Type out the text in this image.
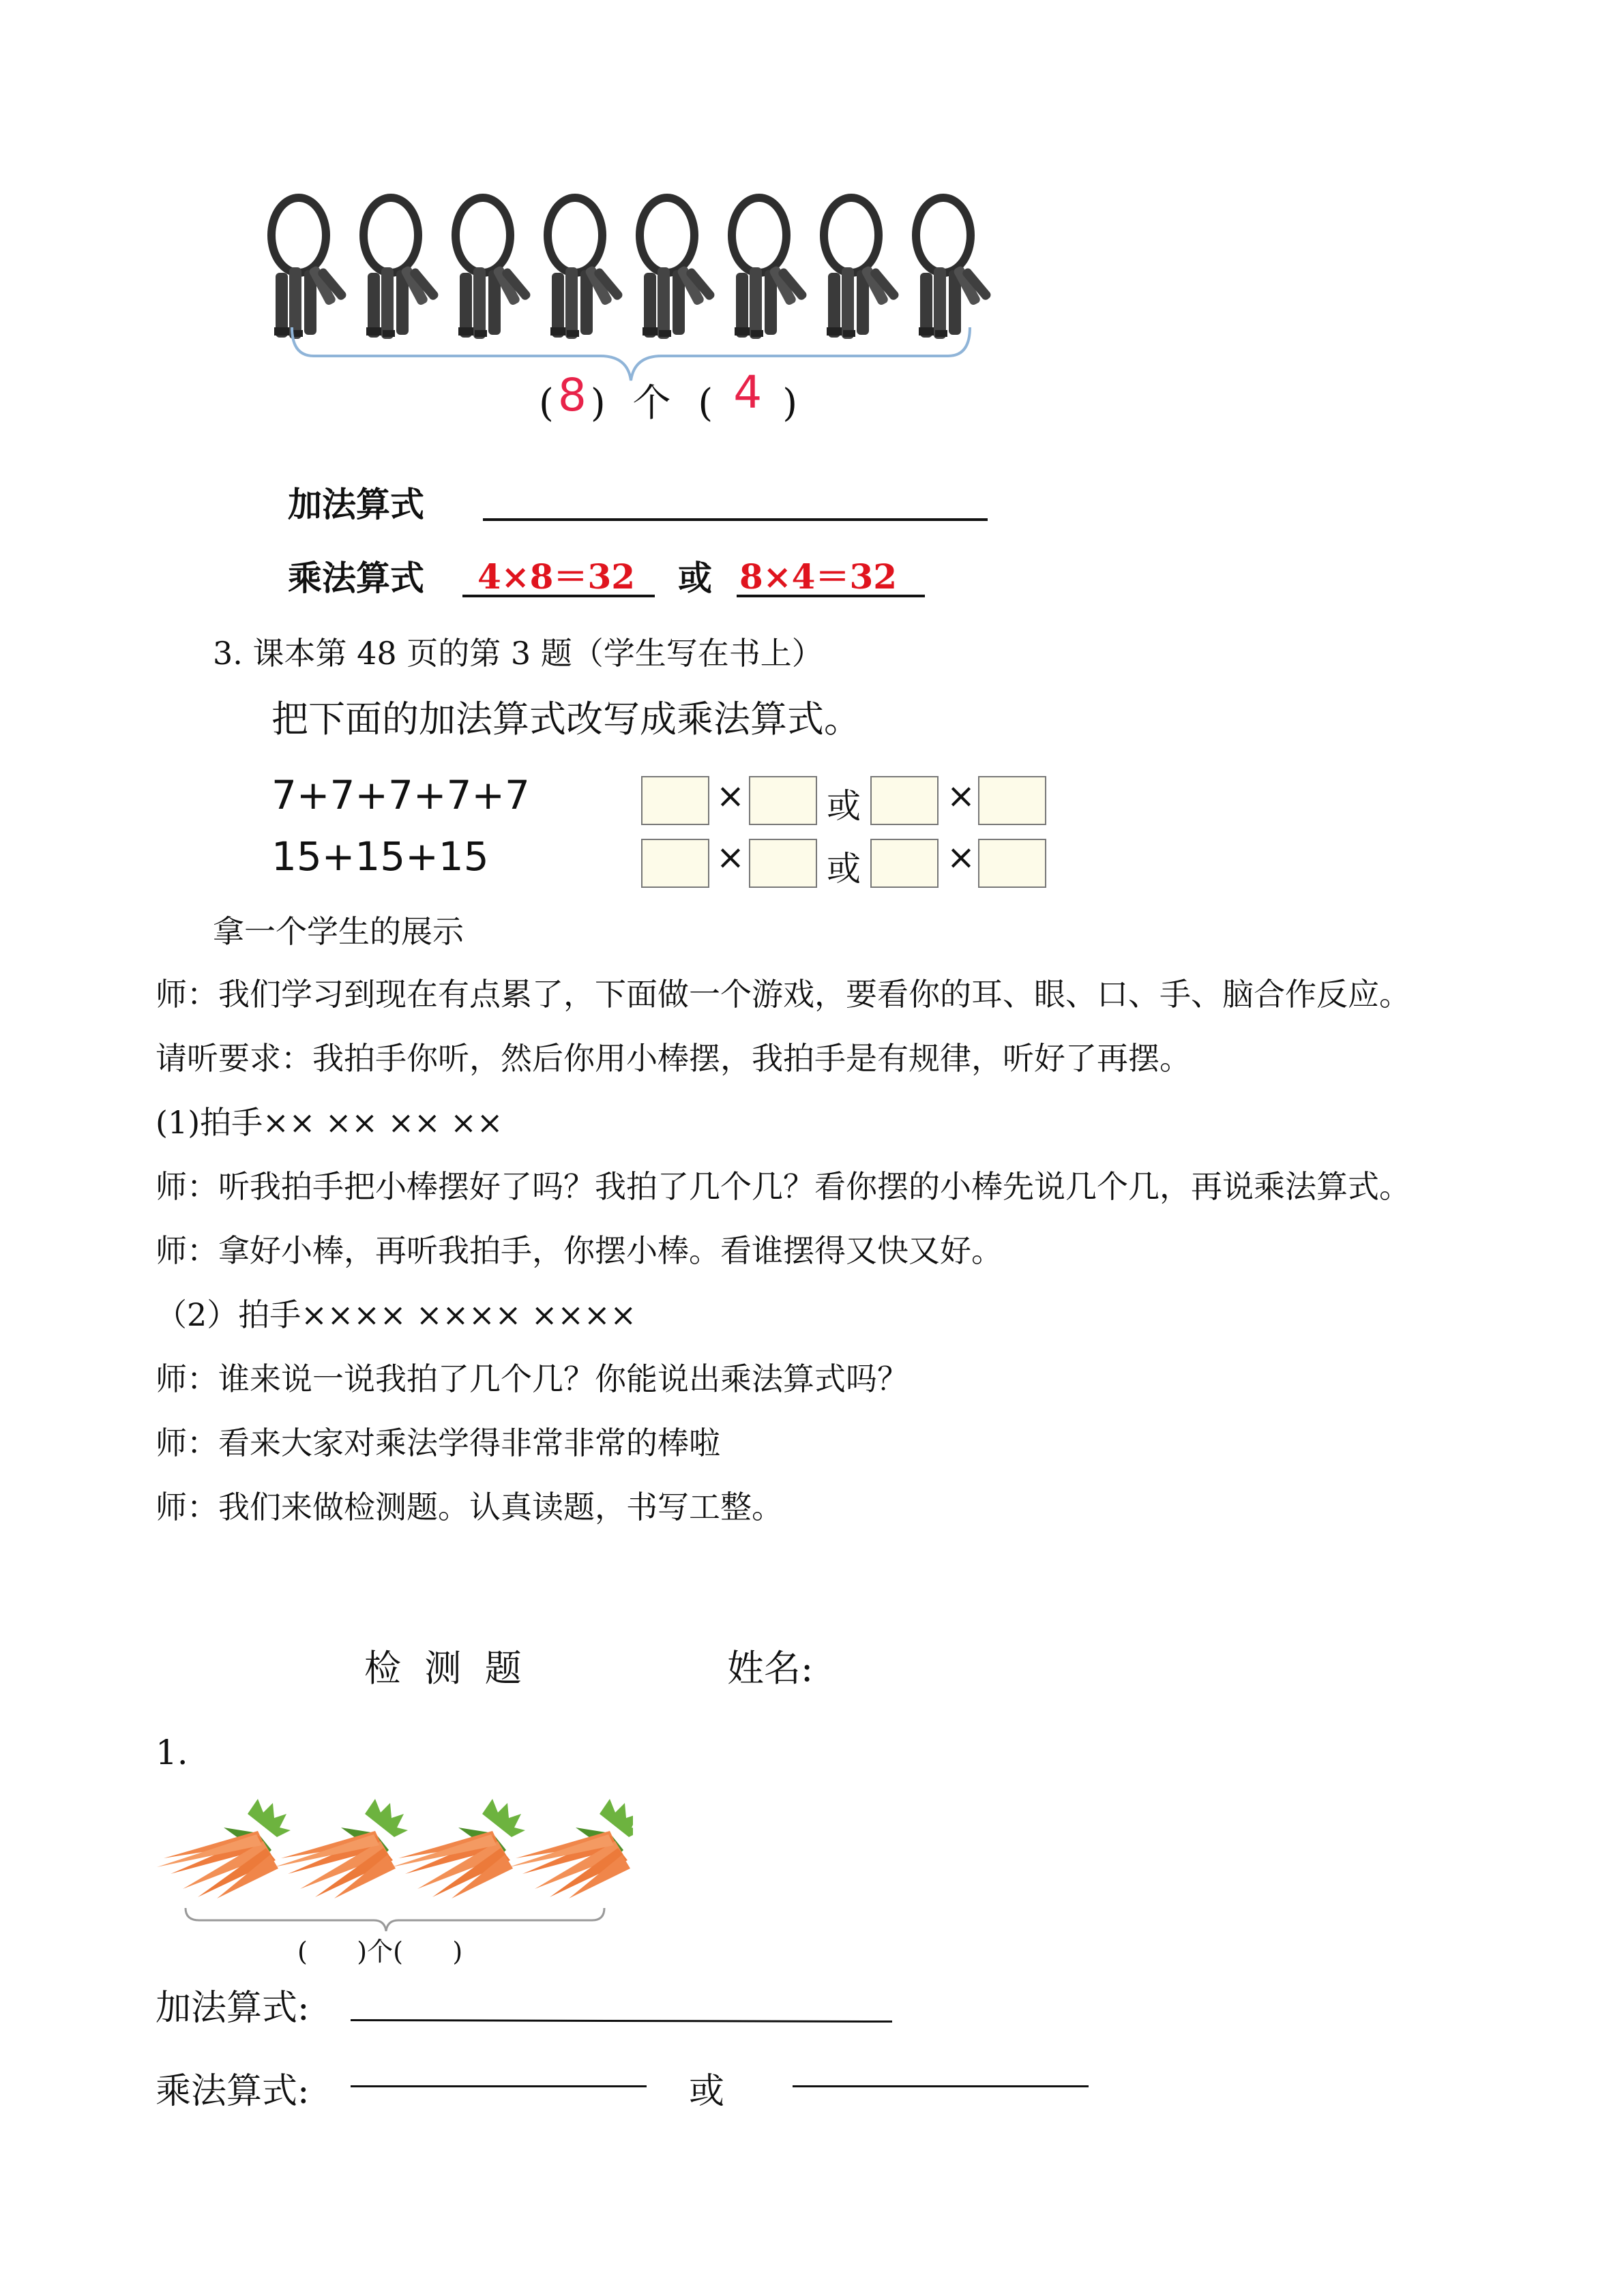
(8 ) 个 ( 4 )
加法算式
乘法算式 4×8＝32 或 8×4＝32
3. 课本第 48 页的第 3 题（学生写在书上）
把下面的加法算式改写成乘法算式。
7+7+7+7+7	× 或	×
15+15+15	× 或	×
拿一个学生的展示
师：我们学习到现在有点累了，下面做一个游戏，要看你的耳、眼、口、手、脑合作反应。
请听要求：我拍手你听，然后你用小棒摆，我拍手是有规律，听好了再摆。
(1)拍手×× ×× ×× ××
师：听我拍手把小棒摆好了吗？我拍了几个几？看你摆的小棒先说几个几，再说乘法算式。
师：拿好小棒，再听我拍手，你摆小棒。看谁摆得又快又好。
（2）拍手×××× ×××× ××××
师：谁来说一说我拍了几个几？你能说出乘法算式吗？
师：看来大家对乘法学得非常非常的棒啦
师：我们来做检测题。认真读题，书写工整。
检  测  题	姓名:
1.
(      )个(      )
加法算式:
乘法算式:	或
